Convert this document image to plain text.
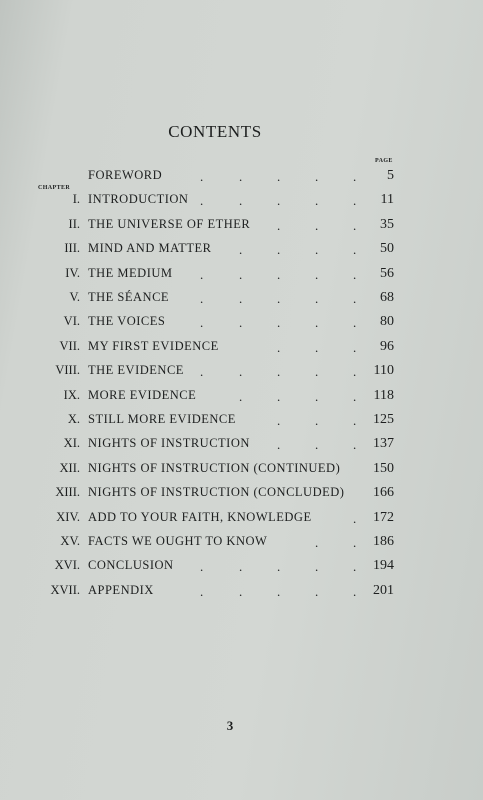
CONTENTS
PAGE
CHAPTER
FOREWORD	.	.	.	.	.	5
I. INTRODUCTION .	.	.	.	.	11
II. THE UNIVERSE OF ETHER .	.	.	35
III. MIND AND MATTER .	.	.	.	50
IV. THE MEDIUM .	.	.	.	.	56
V. THE SÉANCE .	.	.	.	.	68
VI. THE VOICES	.	.	.	.	.	80
VII. MY FIRST EVIDENCE	.	.	.	96
VIII. THE EVIDENCE .	.	.	.	.	110
IX. MORE EVIDENCE	.	.	.	.	118
X. STILL MORE EVIDENCE	.	.	.	125
XI. NIGHTS OF INSTRUCTION .	.	.	137
XII. NIGHTS OF INSTRUCTION (CONTINUED)	150
XIII. NIGHTS OF INSTRUCTION (CONCLUDED)	166
XIV. ADD TO YOUR FAITH, KNOWLEDGE	.	172
XV. FACTS WE OUGHT TO KNOW	.	.	186
XVI. CONCLUSION .	.	.	.	.	194
XVII. APPENDIX	.	.	.	.	.	201
3
